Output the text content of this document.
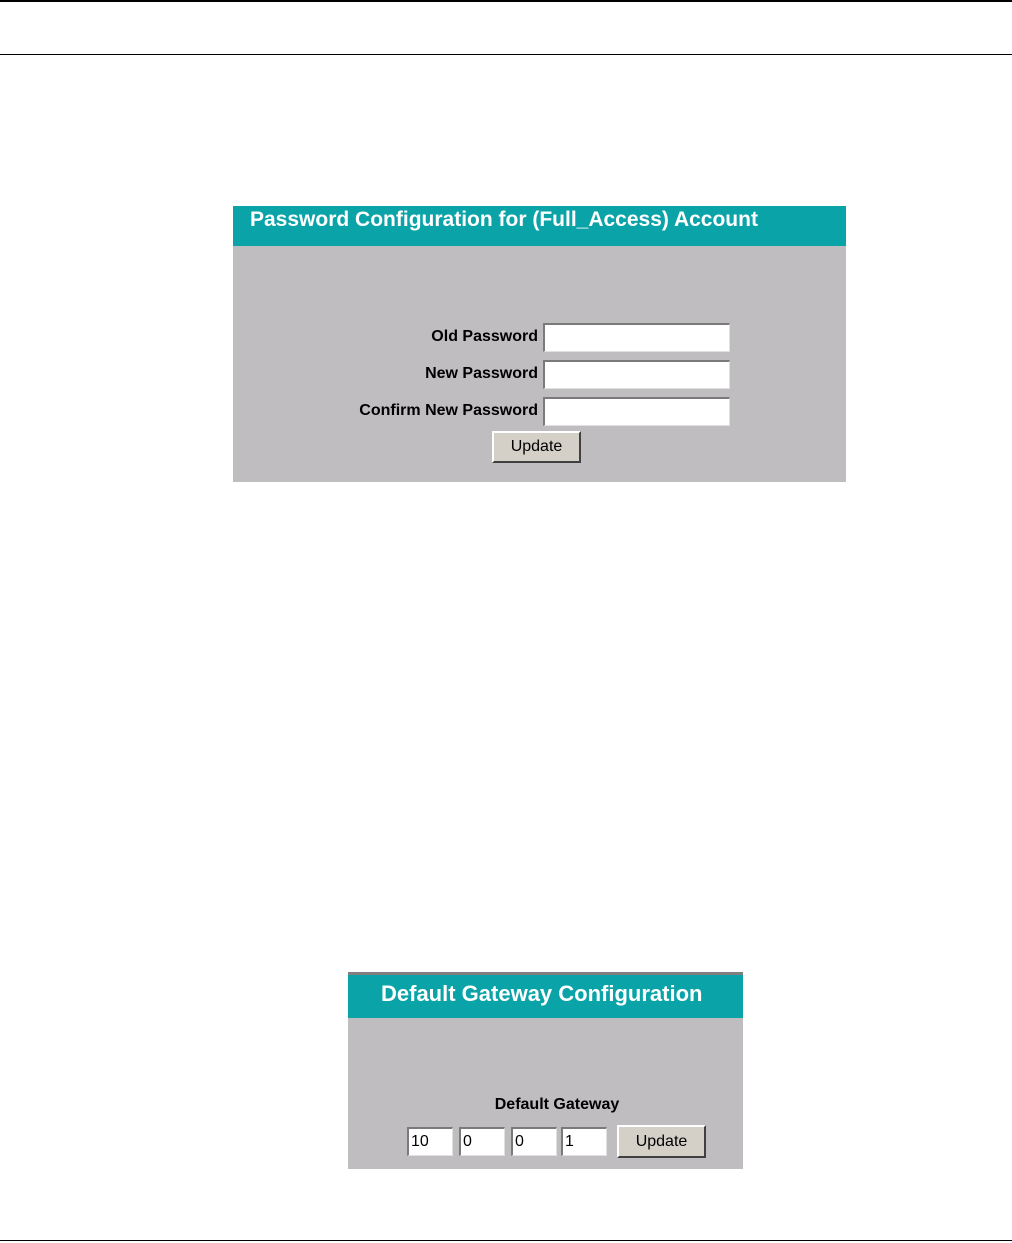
Password Configuration for (Full_Access) Account
Old Password
New Password
Confirm New Password
Update
Default Gateway Configuration
Default Gateway
10
0
0
1
Update
